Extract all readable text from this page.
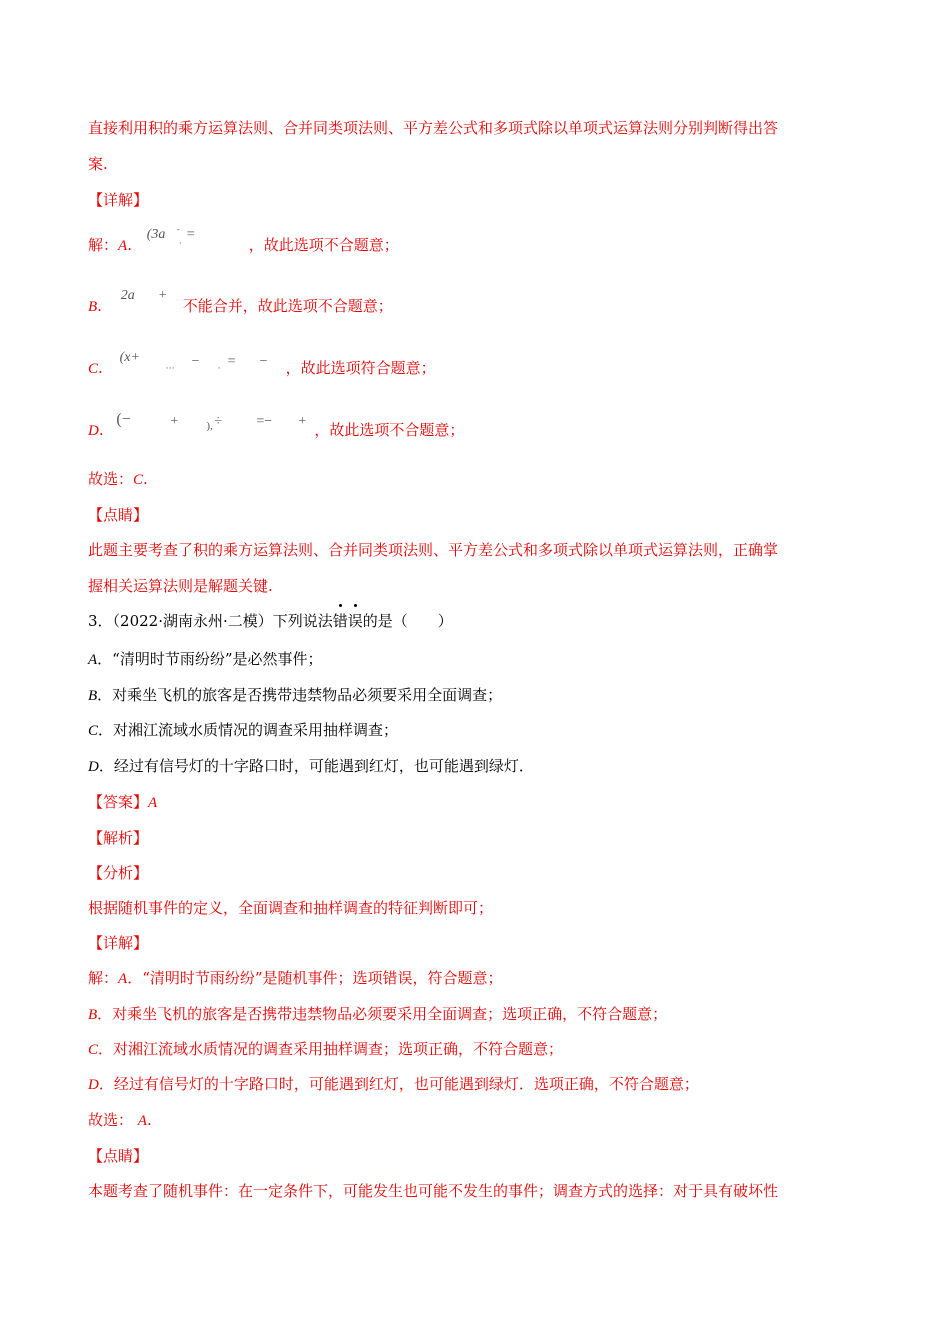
直接利用积的乘方运算法则、合并同类项法则、平方差公式和多项式除以单项式运算法则分别判断得出答
案.
【详解】
解：A.
(3a =
·
-
，故此选项不合题意；
B.
2a +
不能合并，故此选项不合题意；
C.
(x+
··· − = −
·	，故此选项符合题意；
D.
(−	+	), ÷ =− + ，故此选项不合题意；
故选：C.
【点睛】
此题主要考查了积的乘方运算法则、合并同类项法则、平方差公式和多项式除以单项式运算法则，正确掌
握相关运算法则是解题关键.
3．（2022·湖南永州·二模）下列说法错误的是（　　）
A．“清明时节雨纷纷”是必然事件；
B．对乘坐飞机的旅客是否携带违禁物品必须要采用全面调查；
C．对湘江流域水质情况的调查采用抽样调查；
D．经过有信号灯的十字路口时，可能遇到红灯，也可能遇到绿灯．
【答案】A
【解析】
【分析】
根据随机事件的定义，全面调查和抽样调查的特征判断即可；
【详解】
解：A．“清明时节雨纷纷”是随机事件；选项错误，符合题意；
B．对乘坐飞机的旅客是否携带违禁物品必须要采用全面调查；选项正确，不符合题意；
C．对湘江流域水质情况的调查采用抽样调查；选项正确，不符合题意；
D．经过有信号灯的十字路口时，可能遇到红灯，也可能遇到绿灯．选项正确，不符合题意；
故选： A.
【点睛】
本题考查了随机事件：在一定条件下，可能发生也可能不发生的事件；调查方式的选择：对于具有破坏性
